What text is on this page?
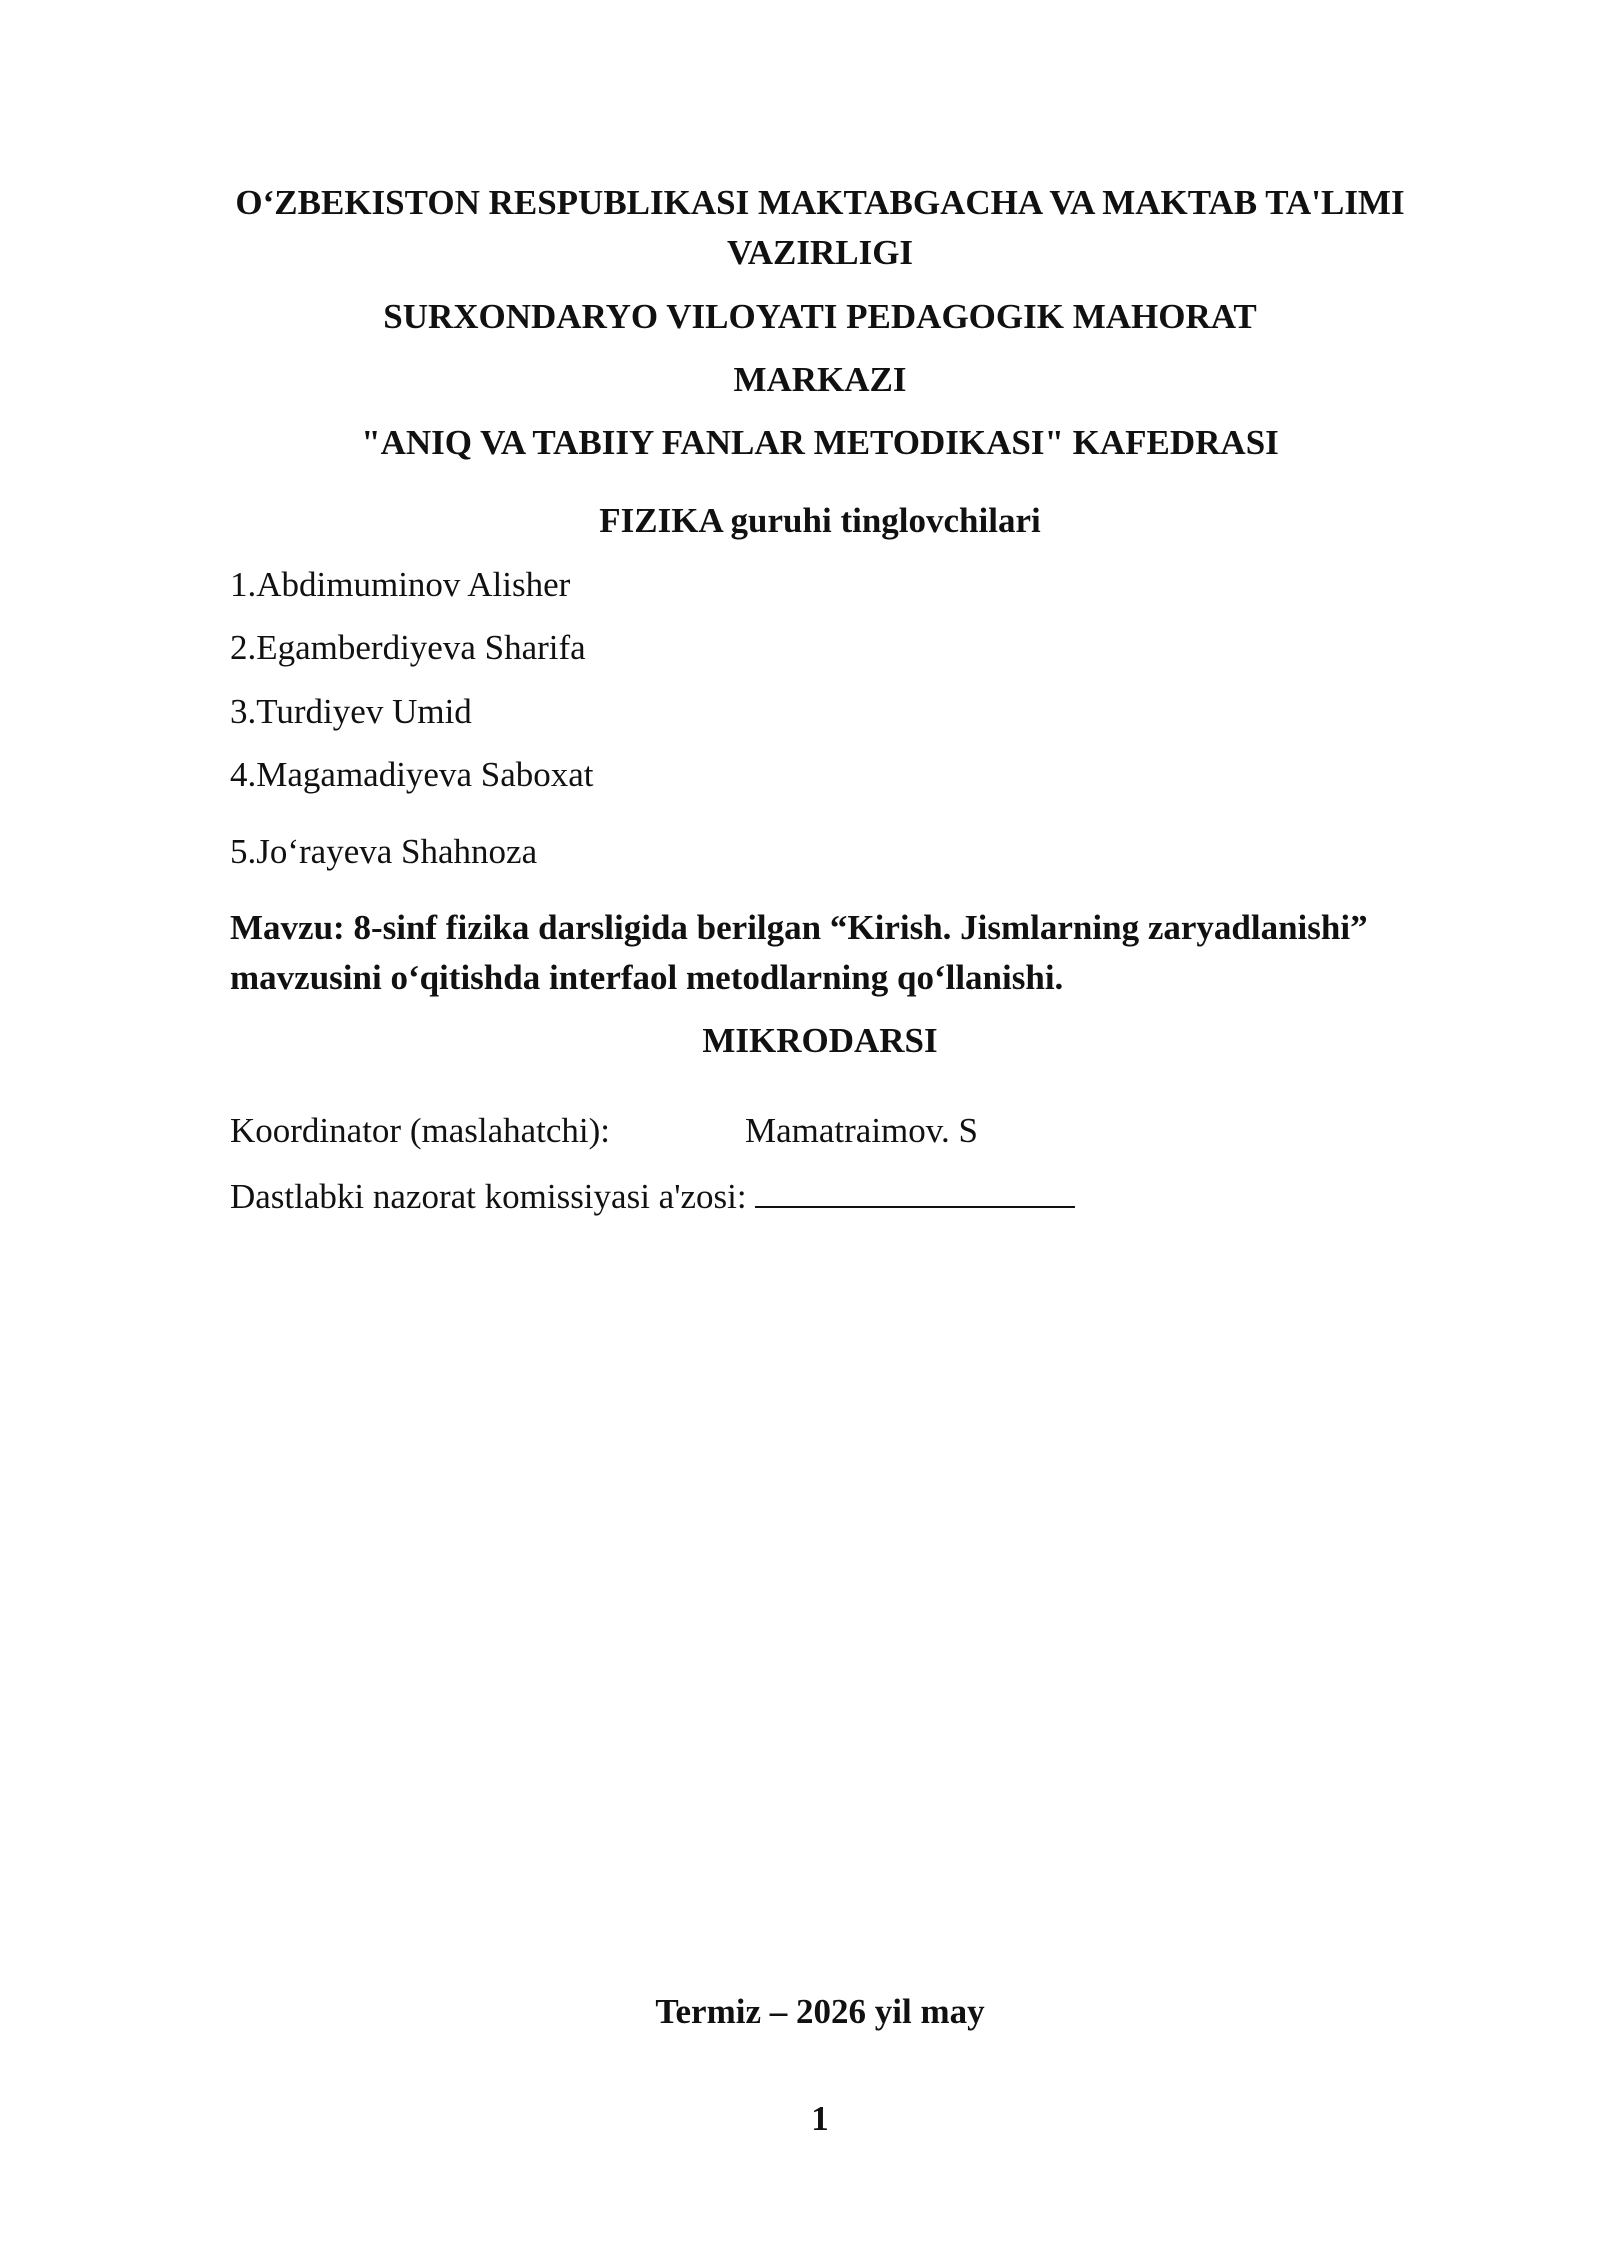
O‘ZBEKISTON RESPUBLIKASI MAKTABGACHA VA MAKTAB TA'LIMI VAZIRLIGI

SURXONDARYO VILOYATI PEDAGOGIK MAHORAT

MARKAZI

"ANIQ VA TABIIY FANLAR METODIKASI" KAFEDRASI

FIZIKA guruhi tinglovchilari

1.Abdimuminov Alisher

2.Egamberdiyeva Sharifa

3.Turdiyev Umid

4.Magamadiyeva Saboxat

5.Jo‘rayeva Shahnoza

Mavzu: 8-sinf fizika darsligida berilgan “Kirish. Jismlarning zaryadlanishi” mavzusini o‘qitishda interfaol metodlarning qo‘llanishi.

MIKRODARSI

Koordinator (maslahatchi):	Mamatraimov. S

Dastlabki nazorat komissiyasi a'zosi:

Termiz – 2026 yil may

1
